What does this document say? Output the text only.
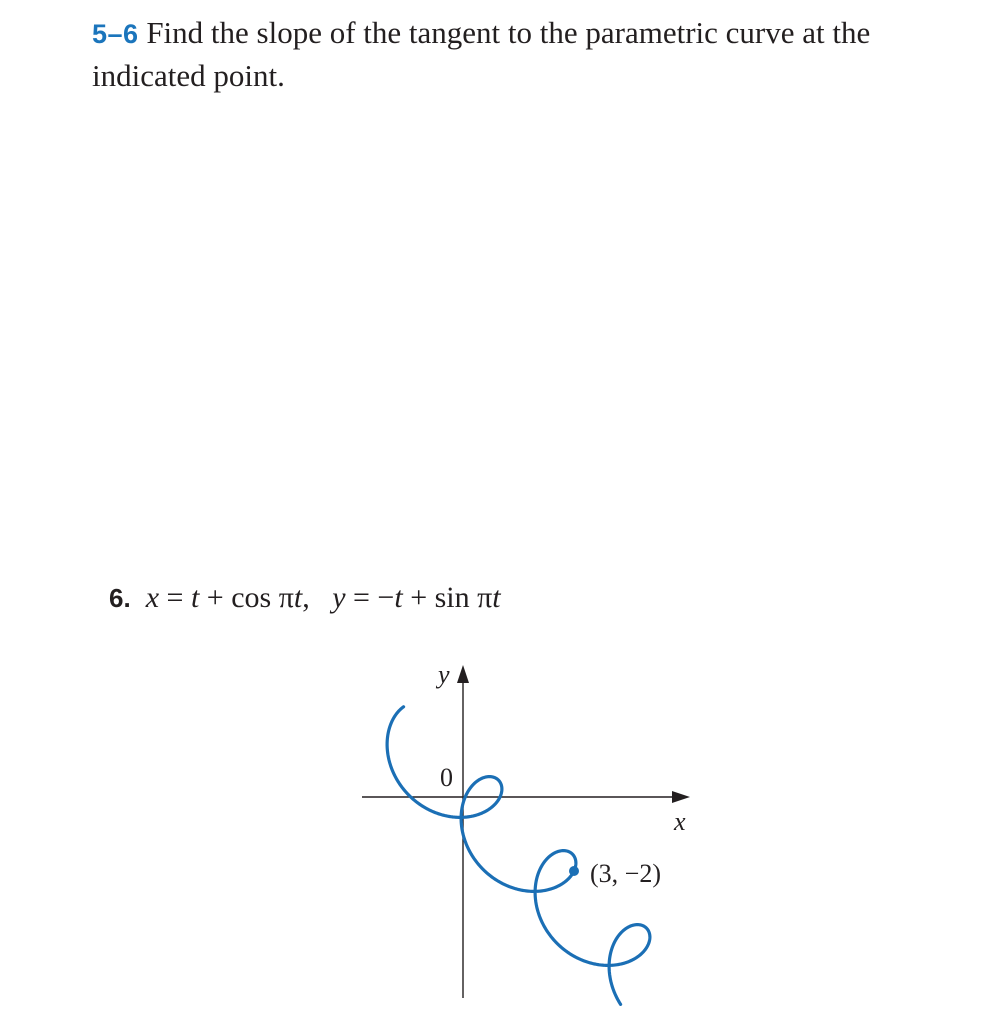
5–6 Find the slope of the tangent to the parametric curve at the indicated point.
6. x = t + cos πt, y = −t + sin πt
y
x
0
(3, −2)
